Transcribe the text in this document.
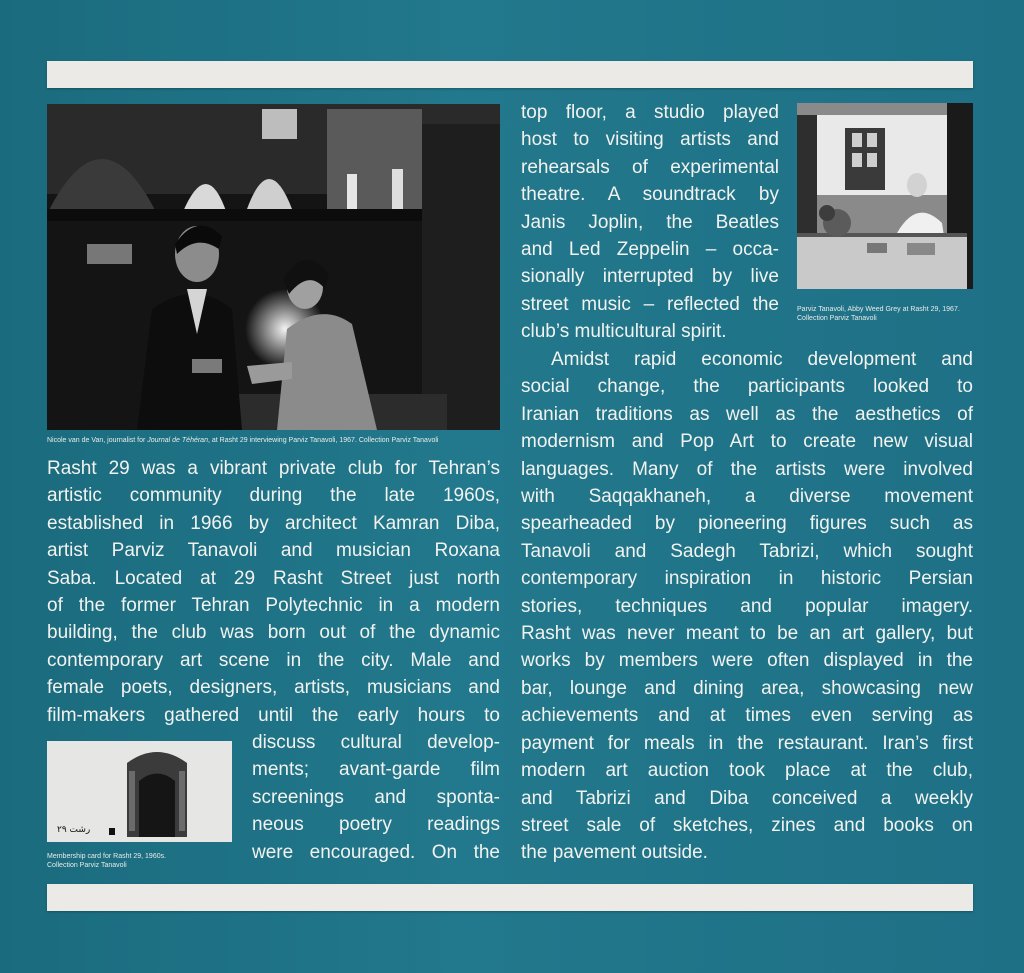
Nicole van de Van, journalist for Journal de Téhéran, at Rasht 29 interviewing Parviz Tanavoli, 1967. Collection Parviz Tanavoli
Parviz Tanavoli, Abby Weed Grey at Rasht 29, 1967.
Collection Parviz Tanavoli
رشت ۲۹
Membership card for Rasht 29, 1960s.
Collection Parviz Tanavoli
Rasht 29 was a vibrant private club for Tehran’s
artistic community during the late 1960s,
established in 1966 by architect Kamran Diba,
artist Parviz Tanavoli and musician Roxana
Saba. Located at 29 Rasht Street just north
of the former Tehran Polytechnic in a modern
building, the club was born out of the dynamic
contemporary art scene in the city. Male and
female poets, designers, artists, musicians and
film-makers gathered until the early hours to
discuss cultural develop-
ments; avant-garde film
screenings and sponta-
neous poetry readings
were encouraged. On the
top floor, a studio played
host to visiting artists and
rehearsals of experimental
theatre. A soundtrack by
Janis Joplin, the Beatles
and Led Zeppelin – occa-
sionally interrupted by live
street music – reflected the
club’s multicultural spirit.
Amidst rapid economic development and
social change, the participants looked to
Iranian traditions as well as the aesthetics of
modernism and Pop Art to create new visual
languages. Many of the artists were involved
with Saqqakhaneh, a diverse movement
spearheaded by pioneering figures such as
Tanavoli and Sadegh Tabrizi, which sought
contemporary inspiration in historic Persian
stories, techniques and popular imagery.
Rasht was never meant to be an art gallery, but
works by members were often displayed in the
bar, lounge and dining area, showcasing new
achievements and at times even serving as
payment for meals in the restaurant. Iran’s first
modern art auction took place at the club,
and Tabrizi and Diba conceived a weekly
street sale of sketches, zines and books on
the pavement outside.
